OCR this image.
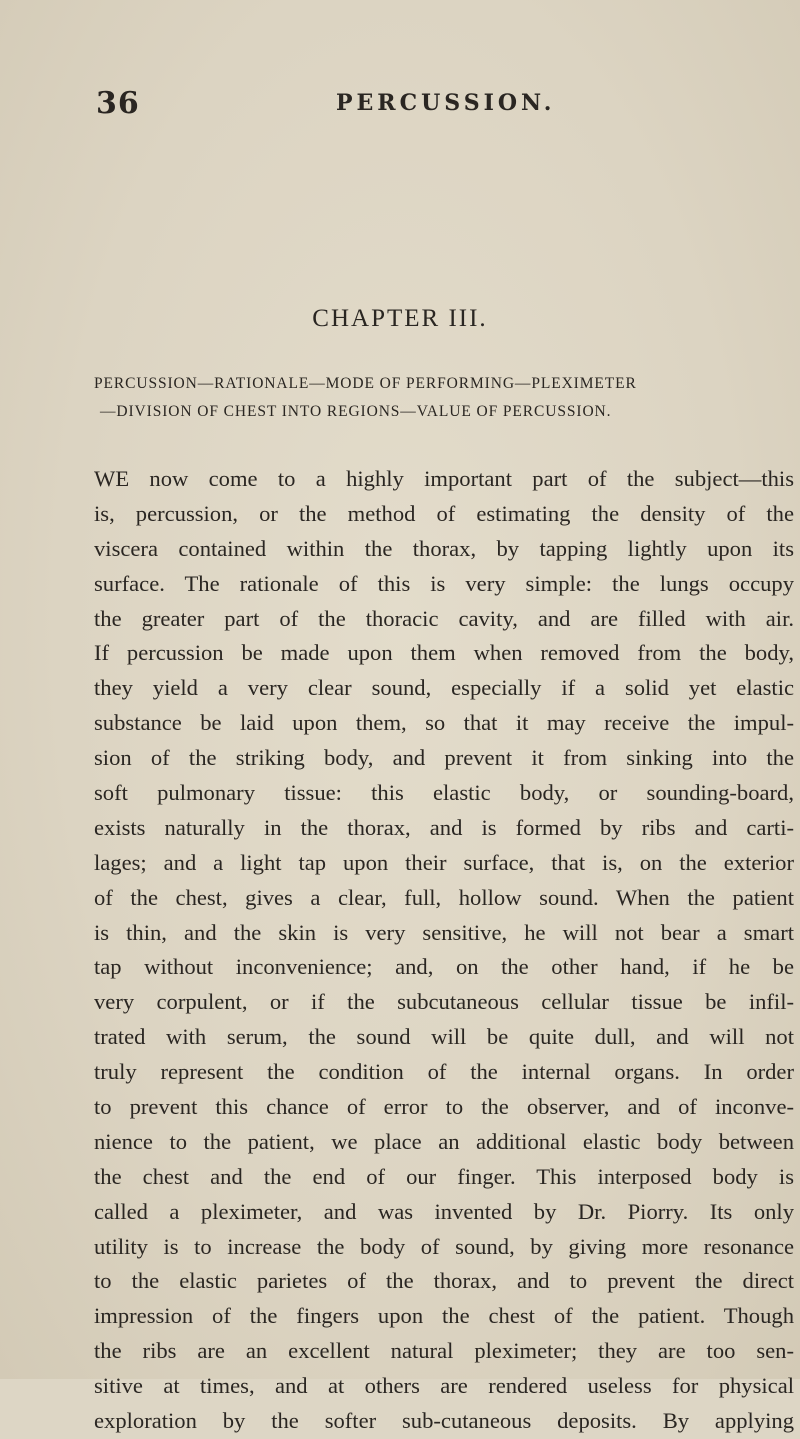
36	PERCUSSION.
CHAPTER III.
PERCUSSION—RATIONALE—MODE OF PERFORMING—PLEXIMETER
—DIVISION OF CHEST INTO REGIONS—VALUE OF PERCUSSION.
WE now come to a highly important part of the subject—this
is, percussion, or the method of estimating the density of the
viscera contained within the thorax, by tapping lightly upon its
surface. The rationale of this is very simple: the lungs occupy
the greater part of the thoracic cavity, and are filled with air.
If percussion be made upon them when removed from the body,
they yield a very clear sound, especially if a solid yet elastic
substance be laid upon them, so that it may receive the impul-
sion of the striking body, and prevent it from sinking into the
soft pulmonary tissue: this elastic body, or sounding-board,
exists naturally in the thorax, and is formed by ribs and carti-
lages; and a light tap upon their surface, that is, on the exterior
of the chest, gives a clear, full, hollow sound. When the patient
is thin, and the skin is very sensitive, he will not bear a smart
tap without inconvenience; and, on the other hand, if he be
very corpulent, or if the subcutaneous cellular tissue be infil-
trated with serum, the sound will be quite dull, and will not
truly represent the condition of the internal organs. In order
to prevent this chance of error to the observer, and of inconve-
nience to the patient, we place an additional elastic body between
the chest and the end of our finger. This interposed body is
called a pleximeter, and was invented by Dr. Piorry. Its only
utility is to increase the body of sound, by giving more resonance
to the elastic parietes of the thorax, and to prevent the direct
impression of the fingers upon the chest of the patient. Though
the ribs are an excellent natural pleximeter; they are too sen-
sitive at times, and at others are rendered useless for physical
exploration by the softer sub-cutaneous deposits. By applying
